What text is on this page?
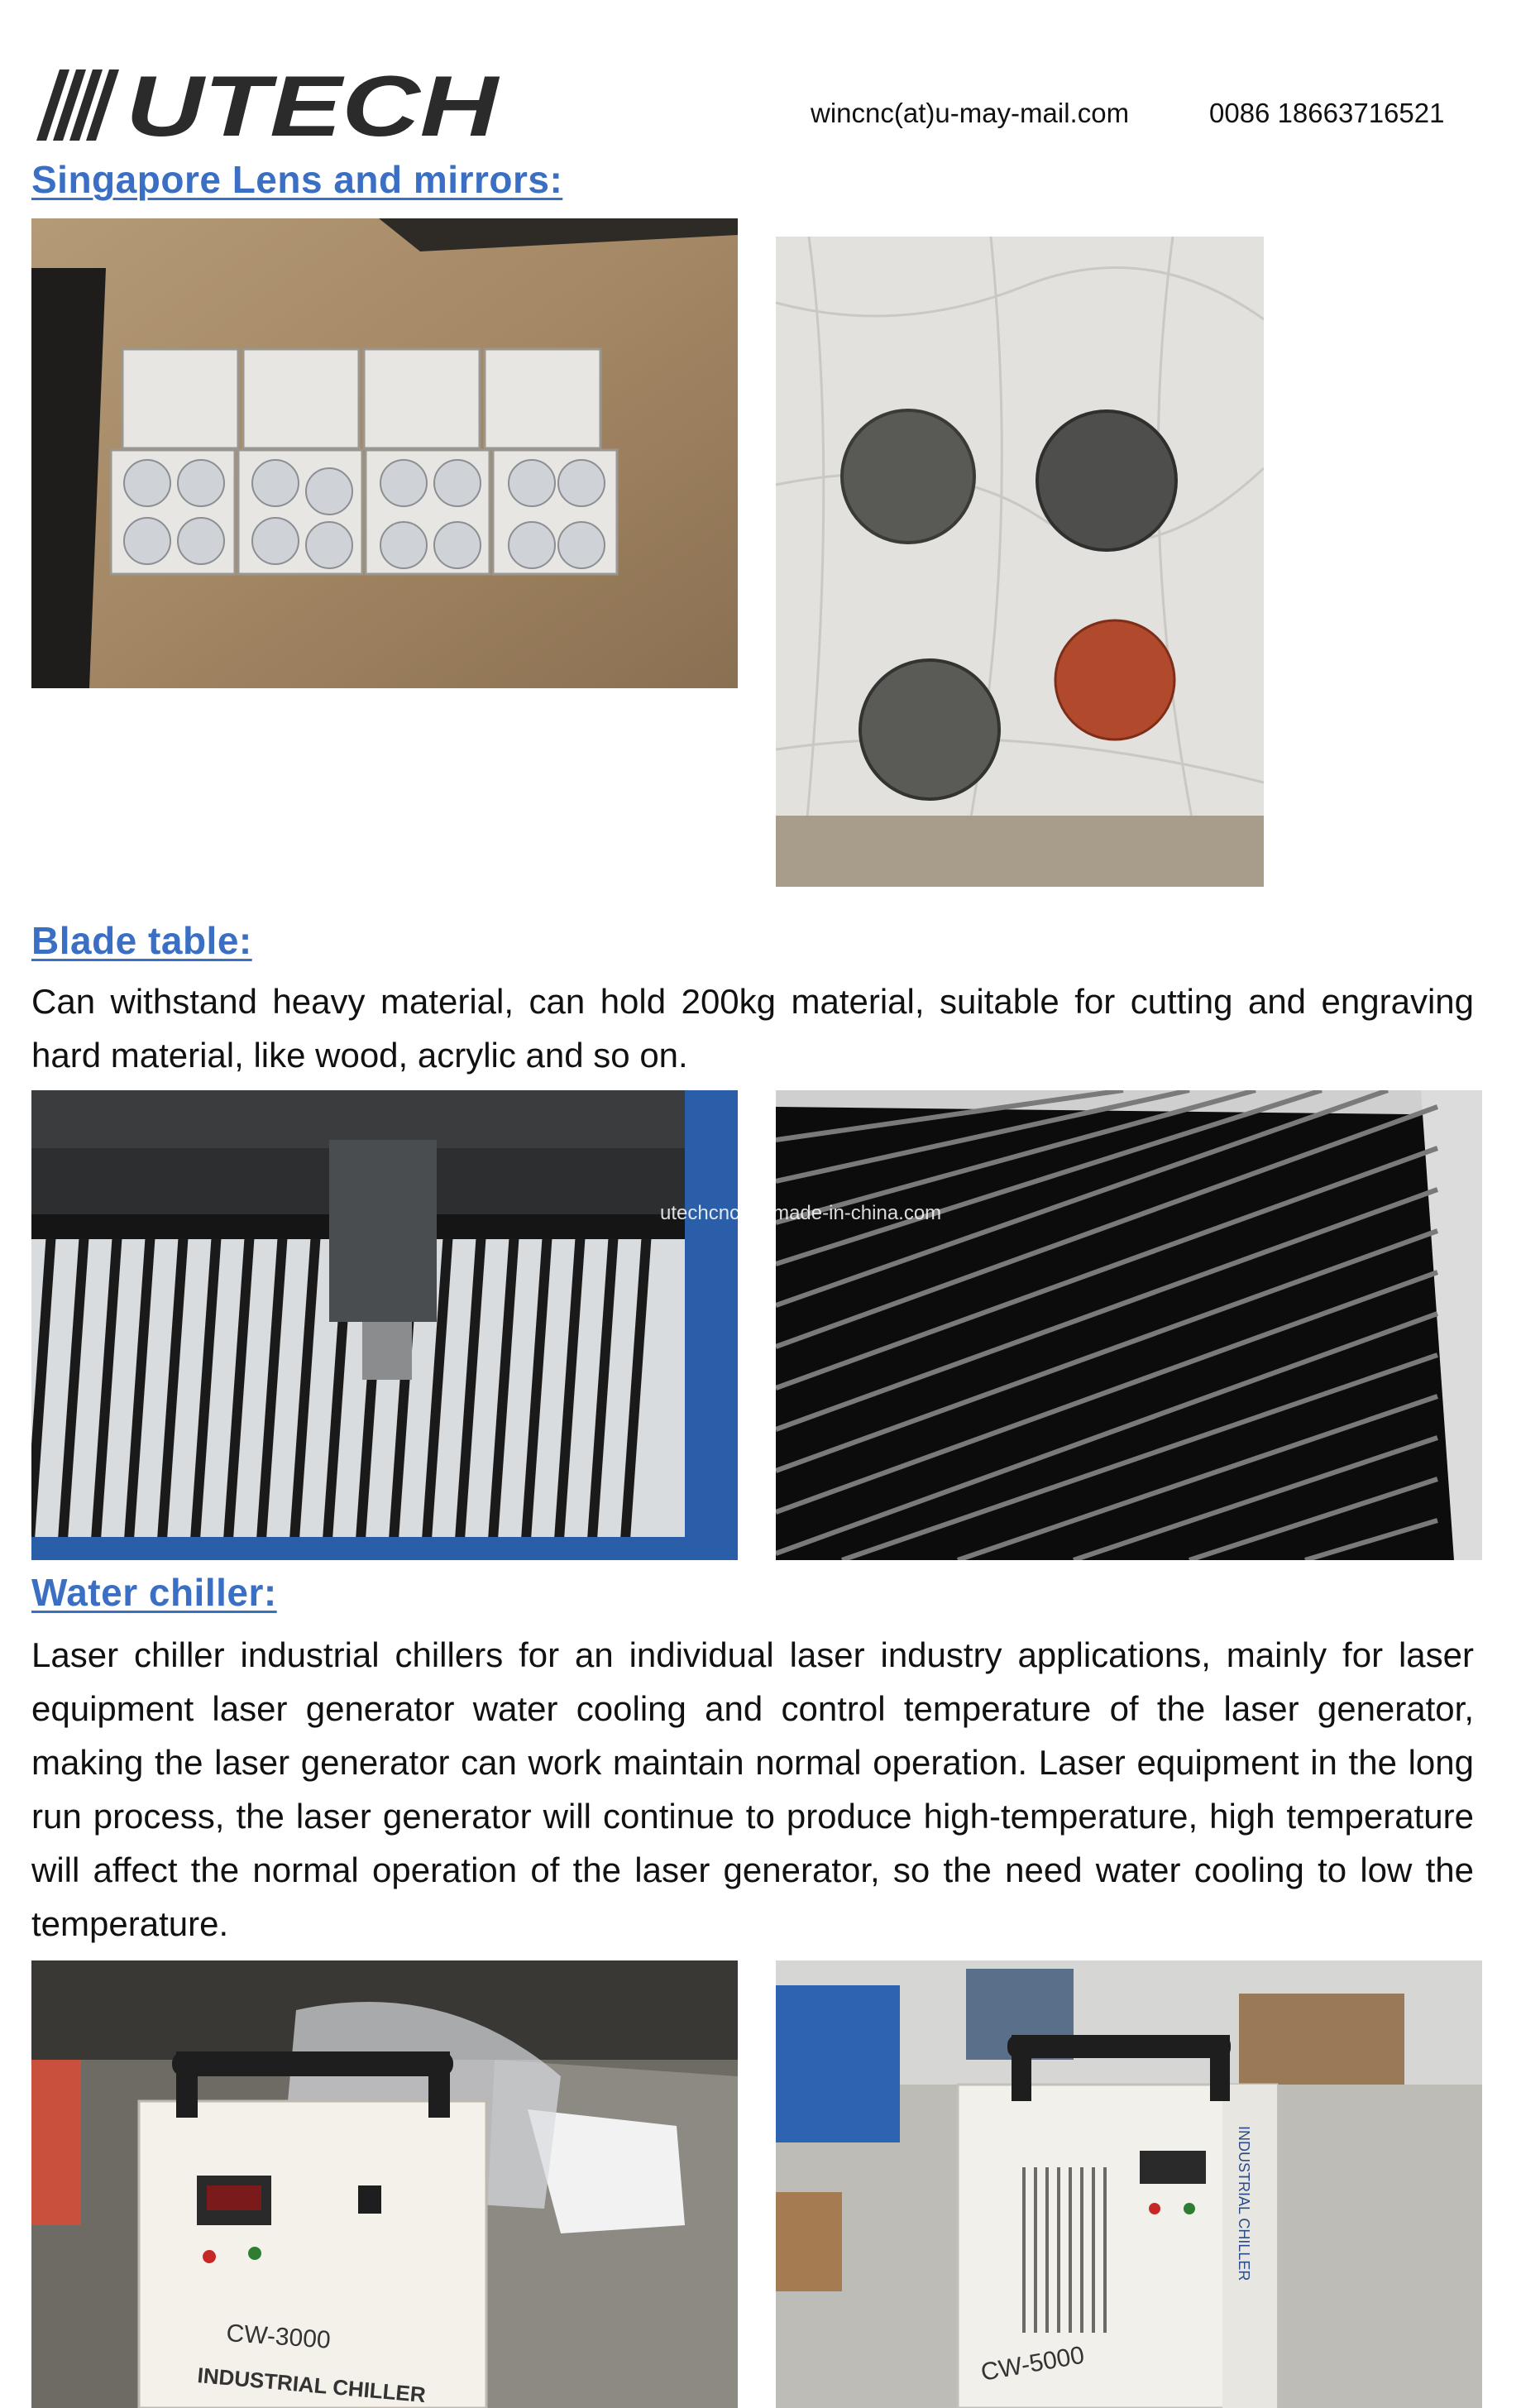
UTECH	wincnc(at)u-may-mail.com	0086 18663716521
Singapore Lens and mirrors:
Blade table:
Can withstand heavy material, can hold 200kg material, suitable for cutting and engraving hard material, like wood, acrylic and so on.
utechcnc.en.made-in-china.com
Water chiller:
Laser chiller industrial chillers for an individual laser industry applications, mainly for laser equipment laser generator water cooling and control temperature of the laser generator, making the laser generator can work maintain normal operation. Laser equipment in the long run process, the laser generator will continue to produce high-temperature, high temperature will affect the normal operation of the laser generator, so the need water cooling to low the temperature.
CW-3000
INDUSTRIAL CHILLER	CW-5000
INDUSTRIAL CHILLER
